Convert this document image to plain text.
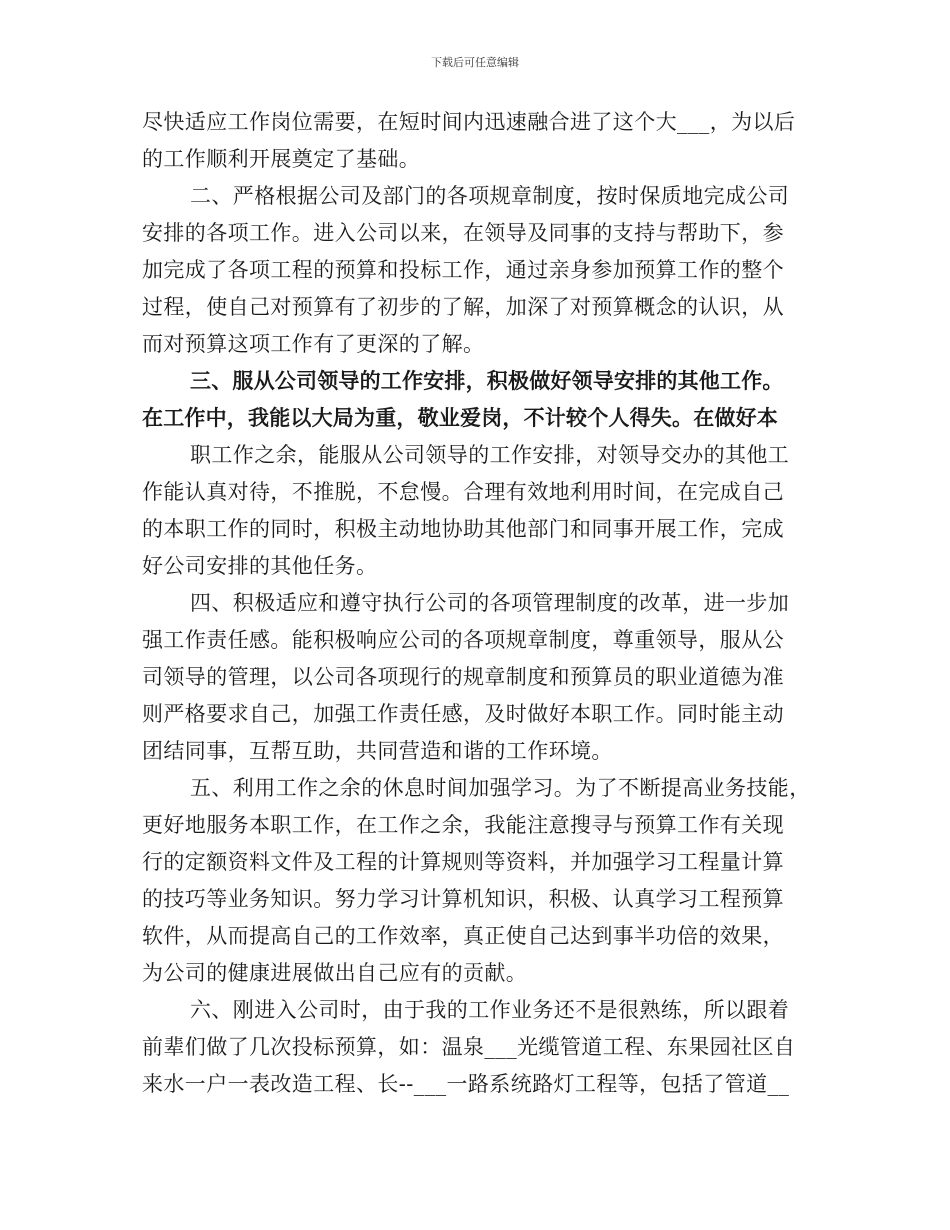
下载后可任意编辑
尽快适应工作岗位需要，在短时间内迅速融合进了这个大___，为以后
的工作顺利开展奠定了基础。
二、严格根据公司及部门的各项规章制度，按时保质地完成公司
安排的各项工作。进入公司以来，在领导及同事的支持与帮助下，参
加完成了各项工程的预算和投标工作，通过亲身参加预算工作的整个
过程，使自己对预算有了初步的了解，加深了对预算概念的认识，从
而对预算这项工作有了更深的了解。
三、服从公司领导的工作安排，积极做好领导安排的其他工作。
在工作中，我能以大局为重，敬业爱岗，不计较个人得失。在做好本
职工作之余，能服从公司领导的工作安排，对领导交办的其他工
作能认真对待，不推脱，不怠慢。合理有效地利用时间，在完成自己
的本职工作的同时，积极主动地协助其他部门和同事开展工作，完成
好公司安排的其他任务。
四、积极适应和遵守执行公司的各项管理制度的改革，进一步加
强工作责任感。能积极响应公司的各项规章制度，尊重领导，服从公
司领导的管理，以公司各项现行的规章制度和预算员的职业道德为准
则严格要求自己，加强工作责任感，及时做好本职工作。同时能主动
团结同事，互帮互助，共同营造和谐的工作环境。
五、利用工作之余的休息时间加强学习。为了不断提高业务技能，
更好地服务本职工作，在工作之余，我能注意搜寻与预算工作有关现
行的定额资料文件及工程的计算规则等资料，并加强学习工程量计算
的技巧等业务知识。努力学习计算机知识，积极、认真学习工程预算
软件，从而提高自己的工作效率，真正使自己达到事半功倍的效果，
为公司的健康进展做出自己应有的贡献。
六、刚进入公司时，由于我的工作业务还不是很熟练，所以跟着
前辈们做了几次投标预算，如：温泉___光缆管道工程、东果园社区自
来水一户一表改造工程、长--___一路系统路灯工程等，包括了管道__
